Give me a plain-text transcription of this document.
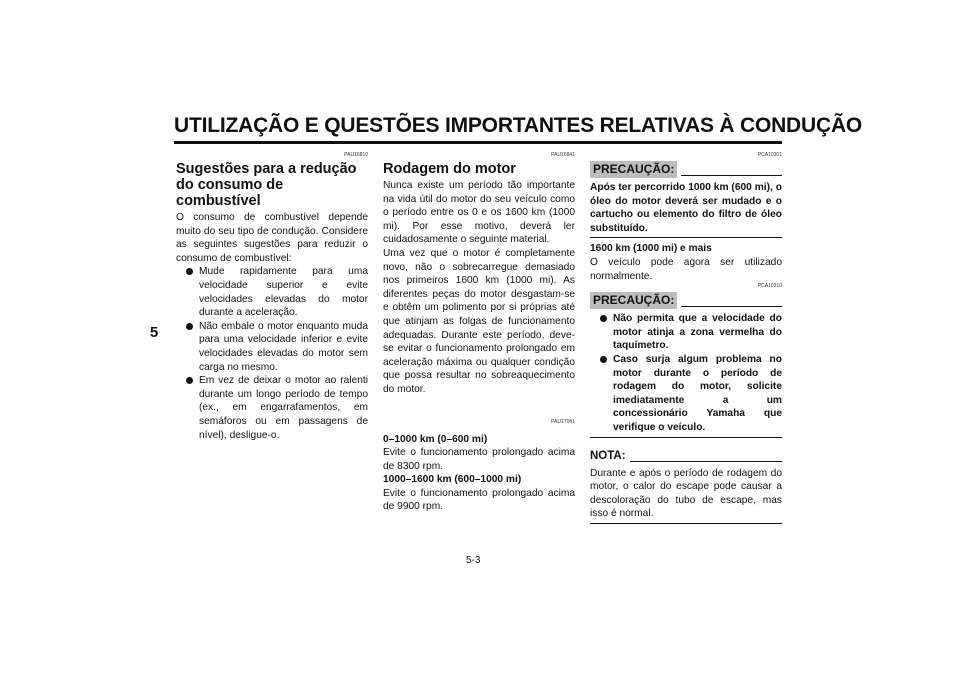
UTILIZAÇÃO E QUESTÕES IMPORTANTES RELATIVAS À CONDUÇÃO
5
PAU16810
Sugestões para a redução do consumo de combustível

O consumo de combustível depende muito do seu tipo de condução. Considere as seguintes sugestões para reduzir o consumo de combustível:

Mude rapidamente para uma velocidade superior e evite velocidades elevadas do motor durante a aceleração.
Não embale o motor enquanto muda para uma velocidade inferior e evite velocidades elevadas do motor sem carga no mesmo.
Em vez de deixar o motor ao ralenti durante um longo período de tempo (ex., em engarrafamentos, em semáforos ou em passagens de nível), desligue-o.
PAU16841
Rodagem do motor

Nunca existe um período tão importante na vida útil do motor do seu veículo como o período entre os 0 e os 1600 km (1000 mi). Por esse motivo, deverá ler cuidadosamente o seguinte material.

Uma vez que o motor é completamente novo, não o sobrecarregue demasiado nos primeiros 1600 km (1000 mi). As diferentes peças do motor desgastam-se e obtêm um polimento por si próprias até que atinjam as folgas de funcionamento adequadas. Durante este período, deve-se evitar o funcionamento prolongado em aceleração máxima ou qualquer condição que possa resultar no sobreaquecimento do motor.

PAU17081

0–1000 km (0–600 mi)

Evite o funcionamento prolongado acima de 8300 rpm.

1000–1600 km (600–1000 mi)

Evite o funcionamento prolongado acima de 9900 rpm.

PCA10301
PRECAUÇÃO:

Após ter percorrido 1000 km (600 mi), o óleo do motor deverá ser mudado e o cartucho ou elemento do filtro de óleo substituído.

1600 km (1000 mi) e mais

O veículo pode agora ser utilizado normalmente.

PCA10310
PRECAUÇÃO:
Não permita que a velocidade do motor atinja a zona vermelha do taquímetro.
Caso surja algum problema no motor durante o período de rodagem do motor, solicite imediatamente a um concessionário Yamaha que verifique o veículo.
NOTA:

Durante e após o período de rodagem do motor, o calor do escape pode causar a descoloração do tubo de escape, mas isso é normal.

5-3
